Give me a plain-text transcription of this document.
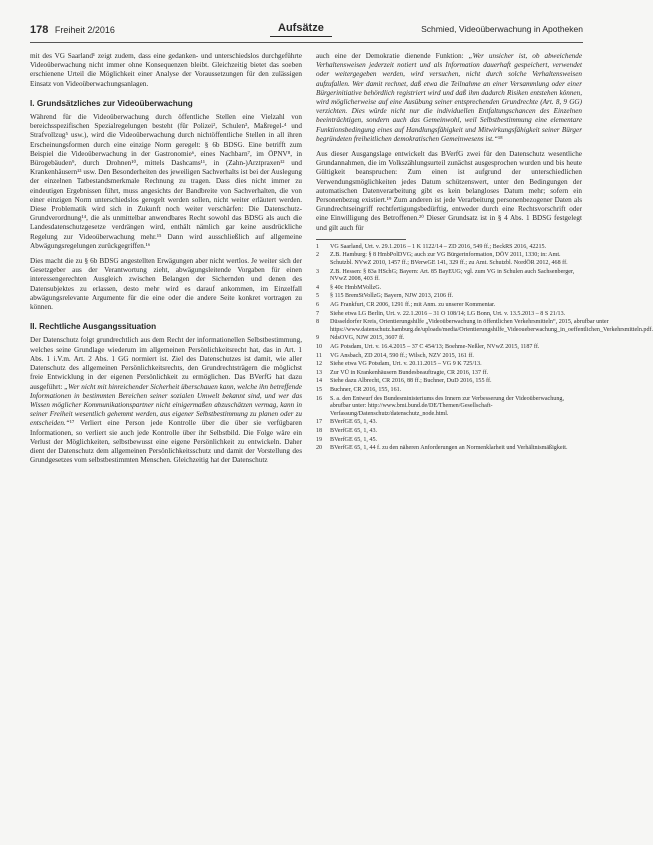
178 Freiheit 2/2016	Aufsätze	Schmied, Videoüberwachung in Apotheken

mit des VG Saarland¹ zeigt zudem, dass eine gedanken- und unterschiedslos durchgeführte Videoüberwachung nicht immer ohne Konsequenzen bleibt. Gleichzeitig bietet das soeben erschienene Urteil die Möglichkeit einer Analyse der Voraussetzungen für den zulässigen Einsatz von Videoüberwachungsanlagen.

I. Grundsätzliches zur Videoüberwachung

Während für die Videoüberwachung durch öffentliche Stellen eine Vielzahl von bereichsspezifischen Spezialregelungen besteht (für Polizei², Schulen³, Maßregel-⁴ und Strafvollzug⁵ usw.), wird die Videoüberwachung durch nichtöffentliche Stellen in all ihren Erscheinungsformen durch eine einzige Norm geregelt: § 6b BDSG. Eine betrifft zum Beispiel die Videoüberwachung in der Gastronomie⁶, eines Nachbarn⁷, im ÖPNV⁸, in Bürogebäuden⁹, durch Drohnen¹⁰, mittels Dashcams¹¹, in (Zahn-)Arztpraxen¹² und Krankenhäusern¹³ usw. Den Besonderheiten des jeweiligen Sachverhalts ist bei der Auslegung der einzelnen Tatbestandsmerkmale Rechnung zu tragen. Dass dies nicht immer zu eindeutigen Ergebnissen führt, muss angesichts der Bandbreite von Sachverhalten, die von einer einzigen Norm unterschiedslos geregelt werden sollen, nicht weiter erläutert werden. Diese Problematik wird sich in Zukunft noch weiter verschärfen: Die Datenschutz-Grundverordnung¹⁴, die als unmittelbar anwendbares Recht sowohl das BDSG als auch die Landesdatenschutzgesetze verdrängen wird, enthält nämlich gar keine ausdrückliche Regelung zur Videoüberwachung mehr.¹⁵ Dann wird ausschließlich auf allgemeine Abwägungsregelungen zurückgegriffen.¹⁶

Dies macht die zu § 6b BDSG angestellten Erwägungen aber nicht wertlos. Je weiter sich der Gesetzgeber aus der Verantwortung zieht, abwägungsleitende Vorgaben für einen interessengerechten Ausgleich zwischen Belangen der Sichernden und denen des Datensubjektes zu erlassen, desto mehr wird es darauf ankommen, im Einzelfall abwägungsrelevante Argumente für die eine oder die andere Seite konkret vortragen zu können.

II. Rechtliche Ausgangssituation

Der Datenschutz folgt grundrechtlich aus dem Recht der informationellen Selbstbestimmung, welches seine Grundlage wiederum im allgemeinen Persönlichkeitsrecht hat, das in Art. 1 Abs. 1 i.V.m. Art. 2 Abs. 1 GG normiert ist. Ziel des Datenschutzes ist damit, wie aller Datenschutz des allgemeinen Persönlichkeitsrechts, den Grundrechtsträgern die möglichst freie Entwicklung in der eigenen Persönlichkeit zu ermöglichen. Das BVerfG hat dazu ausgeführt: „Wer nicht mit hinreichender Sicherheit überschauen kann, welche ihn betreffende Informationen in bestimmten Bereichen seiner sozialen Umwelt bekannt sind, und wer das Wissen möglicher Kommunikationspartner nicht einigermaßen abzuschätzen vermag, kann in seiner Freiheit wesentlich gehemmt werden, aus eigener Selbstbestimmung zu planen oder zu entscheiden.“¹⁷ Verliert eine Person jede Kontrolle über die über sie verfügbaren Informationen, so verliert sie auch jede Kontrolle über ihr Selbstbild. Die Folge wäre ein Verlust der Möglichkeiten, selbstbewusst eine eigene Persönlichkeit zu entwickeln. Daher dient der Datenschutz dem allgemeinen Persönlichkeitsschutz und damit der Vorstellung des Grundgesetzes vom selbstbestimmten Menschen. Gleichzeitig hat der Datenschutz

auch eine der Demokratie dienende Funktion: „Wer unsicher ist, ob abweichende Verhaltensweisen jederzeit notiert und als Information dauerhaft gespeichert, verwendet oder weitergegeben werden, wird versuchen, nicht durch solche Verhaltensweisen aufzufallen. Wer damit rechnet, daß etwa die Teilnahme an einer Versammlung oder einer Bürgerinitiative behördlich registriert wird und daß ihm dadurch Risiken entstehen können, wird möglicherweise auf eine Ausübung seiner entsprechenden Grundrechte (Art. 8, 9 GG) verzichten. Dies würde nicht nur die individuellen Entfaltungschancen des Einzelnen beeinträchtigen, sondern auch das Gemeinwohl, weil Selbstbestimmung eine elementare Funktionsbedingung eines auf Handlungsfähigkeit und Mitwirkungsfähigkeit seiner Bürger begründeten freiheitlichen demokratischen Gemeinwesens ist.“¹⁸

Aus dieser Ausgangslage entwickelt das BVerfG zwei für den Datenschutz wesentliche Grundannahmen, die im Volkszählungsurteil zunächst ausgesprochen wurden und bis heute Gültigkeit beanspruchen: Zum einen ist aufgrund der unterschiedlichen Verwendungsmöglichkeiten jedes Datum schützenswert, unter den Bedingungen der automatischen Datenverarbeitung gibt es kein belangloses Datum mehr; sofern ein Personenbezug existiert.¹⁹ Zum anderen ist jede Verarbeitung personenbezogener Daten als Grundrechtseingriff rechtfertigungsbedürftig, entweder durch eine Rechtsvorschrift oder eine Einwilligung des Betroffenen.²⁰ Dieser Grundsatz ist in § 4 Abs. 1 BDSG festgelegt und gilt auch für

1	VG Saarland, Urt. v. 29.1.2016 – 1 K 1122/14 – ZD 2016, 549 ff.; BeckRS 2016, 42215.
2	Z.B. Hamburg: § 8 HmbPolDVG; auch zur VG Bürgerinformation, DÖV 2011, 1330; in: Amt. Schutzbl. NVwZ 2010, 1457 ff.; BVerwGE 141, 329 ff.; zu Amt. Schutzbl. NordÖR 2012, 468 ff.
3	Z.B. Hessen: § 83a HSchG; Bayern: Art. 85 BayEUG; vgl. zum VG in Schulen auch Sachsenberger, NVwZ 2008, 403 ff.
4	§ 40c HmbMVollzG.
5	§ 115 BremStVollzG; Bayern, NJW 2013, 2106 ff.
6	AG Frankfurt, CR 2006, 1291 ff.; mit Anm. zu unserer Kommentar.
7	Siehe etwa LG Berlin, Urt. v. 22.1.2016 – 31 O 108/14; LG Bonn, Urt. v. 13.5.2013 – 8 S 21/13.
8	Düsseldorfer Kreis, Orientierungshilfe „Videoüberwachung in öffentlichen Verkehrsmitteln“, 2015, abrufbar unter https://www.datenschutz.hamburg.de/uploads/media/Orientierungshilfe_Videoueberwachung_in_oeffentlichen_Verkehrsmitteln.pdf.
9	NdsOVG, NJW 2015, 3607 ff.
10	AG Potsdam, Urt. v. 16.4.2015 – 37 C 454/13; Boehme-Neßler, NVwZ 2015, 1187 ff.
11	VG Ansbach, ZD 2014, 590 ff.; Wilsch, NZV 2015, 161 ff.
12	Siehe etwa VG Potsdam, Urt. v. 20.11.2015 – VG 9 K 725/13.
13	Zur VÜ in Krankenhäusern Bundesbeauftragte, CR 2016, 137 ff.
14	Siehe dazu Albrecht, CR 2016, 88 ff.; Buchner, DuD 2016, 155 ff.
15	Buchner, CR 2016, 155, 161.
16	S. a. den Entwurf des Bundesministeriums des Innern zur Verbesserung der Videoüberwachung, abrufbar unter: http://www.bmi.bund.de/DE/Themen/Gesellschaft-Verfassung/Datenschutz/datenschutz_node.html.
17	BVerfGE 65, 1, 43.
18	BVerfGE 65, 1, 43.
19	BVerfGE 65, 1, 45.
20	BVerfGE 65, 1, 44 f. zu den näheren Anforderungen an Normenklarheit und Verhältnismäßigkeit.
